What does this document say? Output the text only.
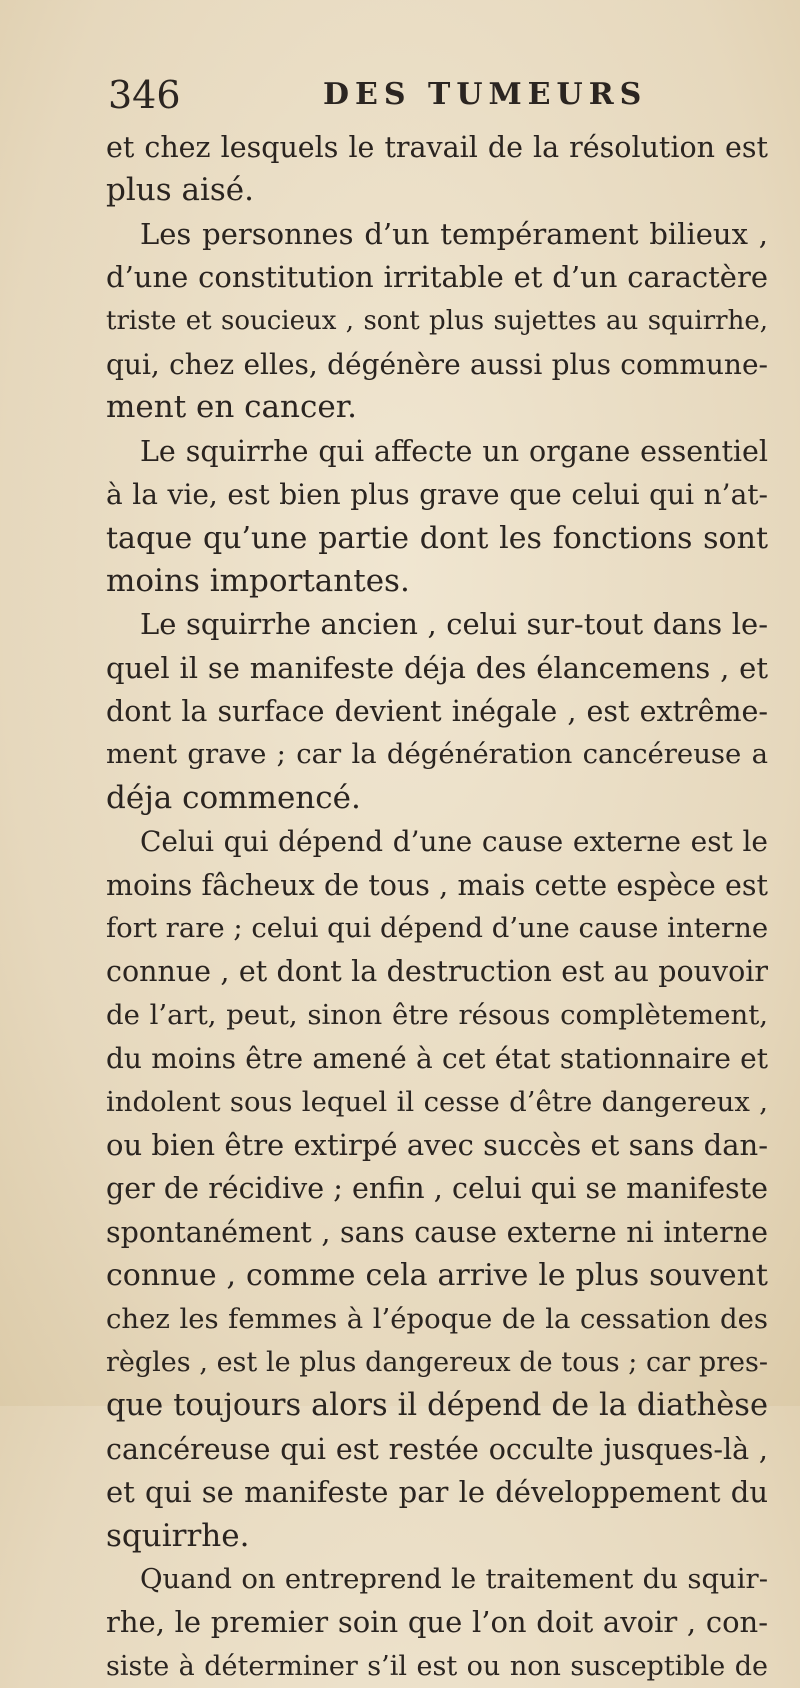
346	DES TUMEURS
et chez lesquels le travail de la résolution est
plus aisé.
Les personnes d’un tempérament bilieux ,
d’une constitution irritable et d’un caractère
triste et soucieux , sont plus sujettes au squirrhe,
qui, chez elles, dégénère aussi plus commune-
ment en cancer.
Le squirrhe qui affecte un organe essentiel
à la vie, est bien plus grave que celui qui n’at-
taque qu’une partie dont les fonctions sont
moins importantes.
Le squirrhe ancien , celui sur-tout dans le-
quel il se manifeste déja des élancemens , et
dont la surface devient inégale , est extrême-
ment grave ; car la dégénération cancéreuse a
déja commencé.
Celui qui dépend d’une cause externe est le
moins fâcheux de tous , mais cette espèce est
fort rare ; celui qui dépend d’une cause interne
connue , et dont la destruction est au pouvoir
de l’art, peut, sinon être résous complètement,
du moins être amené à cet état stationnaire et
indolent sous lequel il cesse d’être dangereux ,
ou bien être extirpé avec succès et sans dan-
ger de récidive ; enfin , celui qui se manifeste
spontanément , sans cause externe ni interne
connue , comme cela arrive le plus souvent
chez les femmes à l’époque de la cessation des
règles , est le plus dangereux de tous ; car pres-
que toujours alors il dépend de la diathèse
cancéreuse qui est restée occulte jusques-là ,
et qui se manifeste par le développement du
squirrhe.
Quand on entreprend le traitement du squir-
rhe, le premier soin que l’on doit avoir , con-
siste à déterminer s’il est ou non susceptible de
